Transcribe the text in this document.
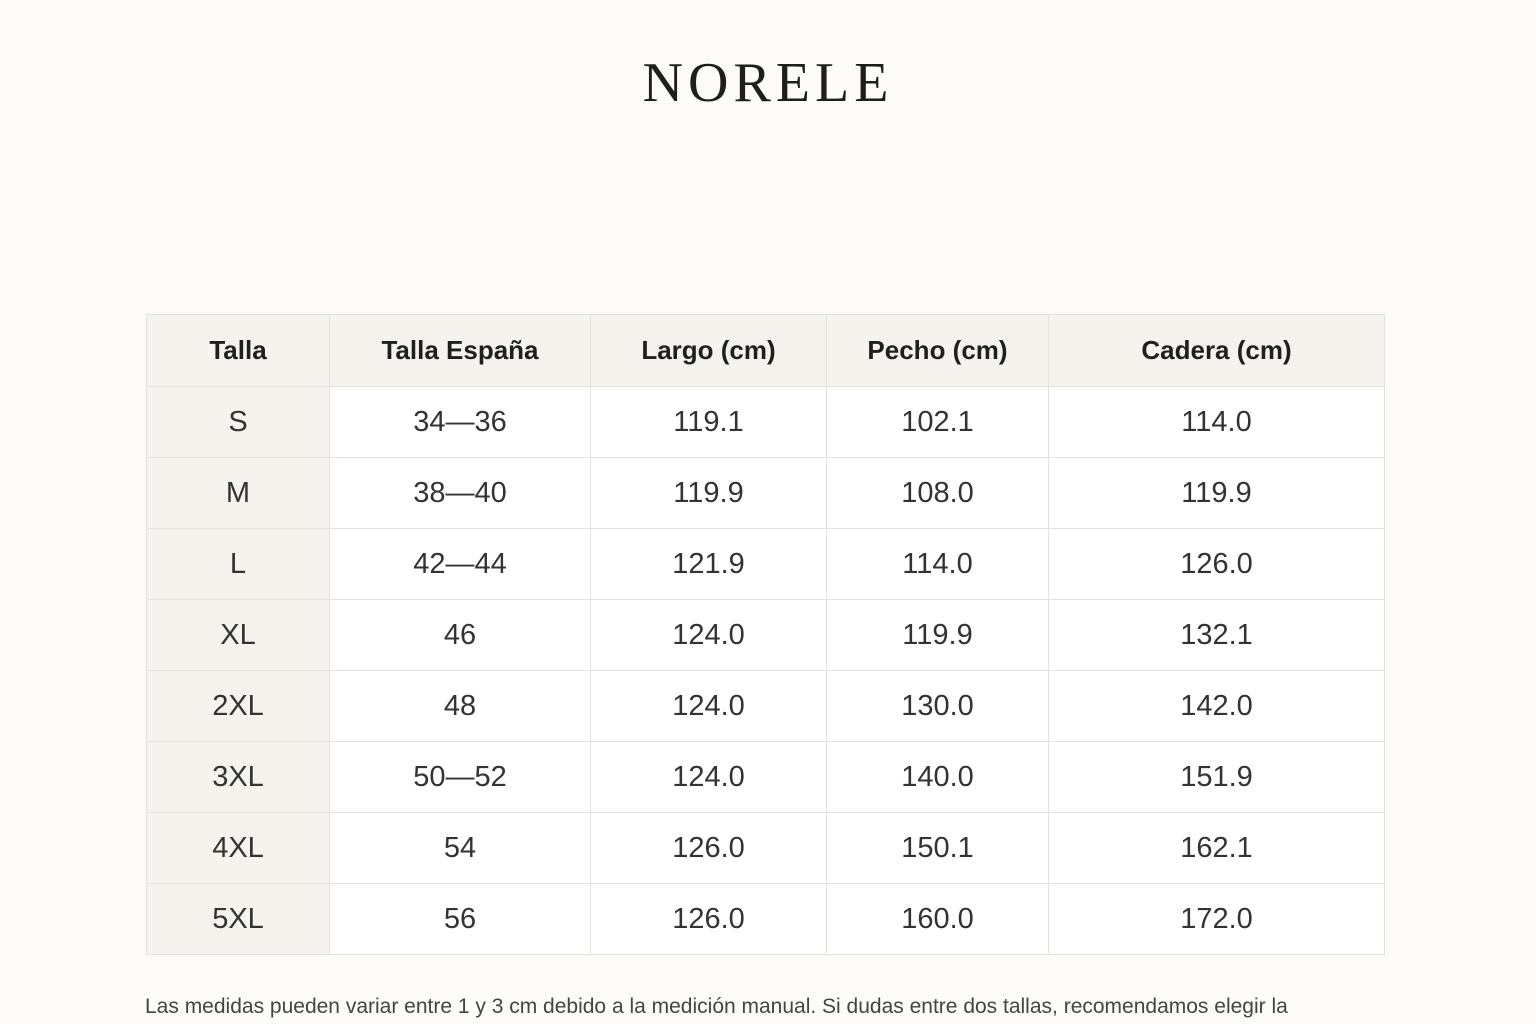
NORELE
Talla	Talla España	Largo (cm)	Pecho (cm)	Cadera (cm)
S	34—36	119.1	102.1	114.0
M	38—40	119.9	108.0	119.9
L	42—44	121.9	114.0	126.0
XL	46	124.0	119.9	132.1
2XL	48	124.0	130.0	142.0
3XL	50—52	124.0	140.0	151.9
4XL	54	126.0	150.1	162.1
5XL	56	126.0	160.0	172.0
Las medidas pueden variar entre 1 y 3 cm debido a la medición manual. Si dudas entre dos tallas, recomendamos elegir la
